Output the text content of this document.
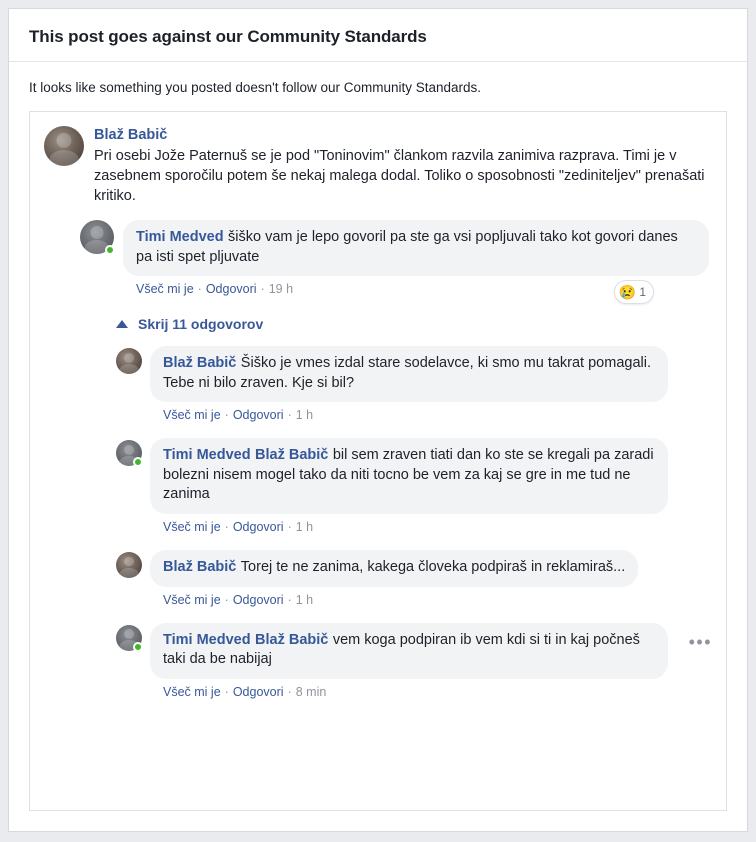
This post goes against our Community Standards
It looks like something you posted doesn't follow our Community Standards.
Blaž Babič
Pri osebi Jože Paternuš se je pod "Toninovim" člankom razvila zanimiva razprava. Timi je v zasebnem sporočilu potem še nekaj malega dodal. Toliko o sposobnosti "zediniteljev" prenašati kritiko.
Timi Medved šiško vam je lepo govoril pa ste ga vsi popljuvali tako kot govori danes pa isti spet pljuvate
Všeč mi je · Odgovori · 19 h	😢 1
Skrij 11 odgovorov
Blaž Babič Šiško je vmes izdal stare sodelavce, ki smo mu takrat pomagali. Tebe ni bilo zraven. Kje si bil?
Všeč mi je · Odgovori · 1 h
Timi Medved Blaž Babič bil sem zraven tiati dan ko ste se kregali pa zaradi bolezni nisem mogel tako da niti tocno be vem za kaj se gre in me tud ne zanima
Všeč mi je · Odgovori · 1 h
Blaž Babič Torej te ne zanima, kakega človeka podpiraš in reklamiraš...
Všeč mi je · Odgovori · 1 h
Timi Medved Blaž Babič vem koga podpiran ib vem kdi si ti in kaj počneš taki da be nabijaj
Všeč mi je · Odgovori · 8 min
•••
